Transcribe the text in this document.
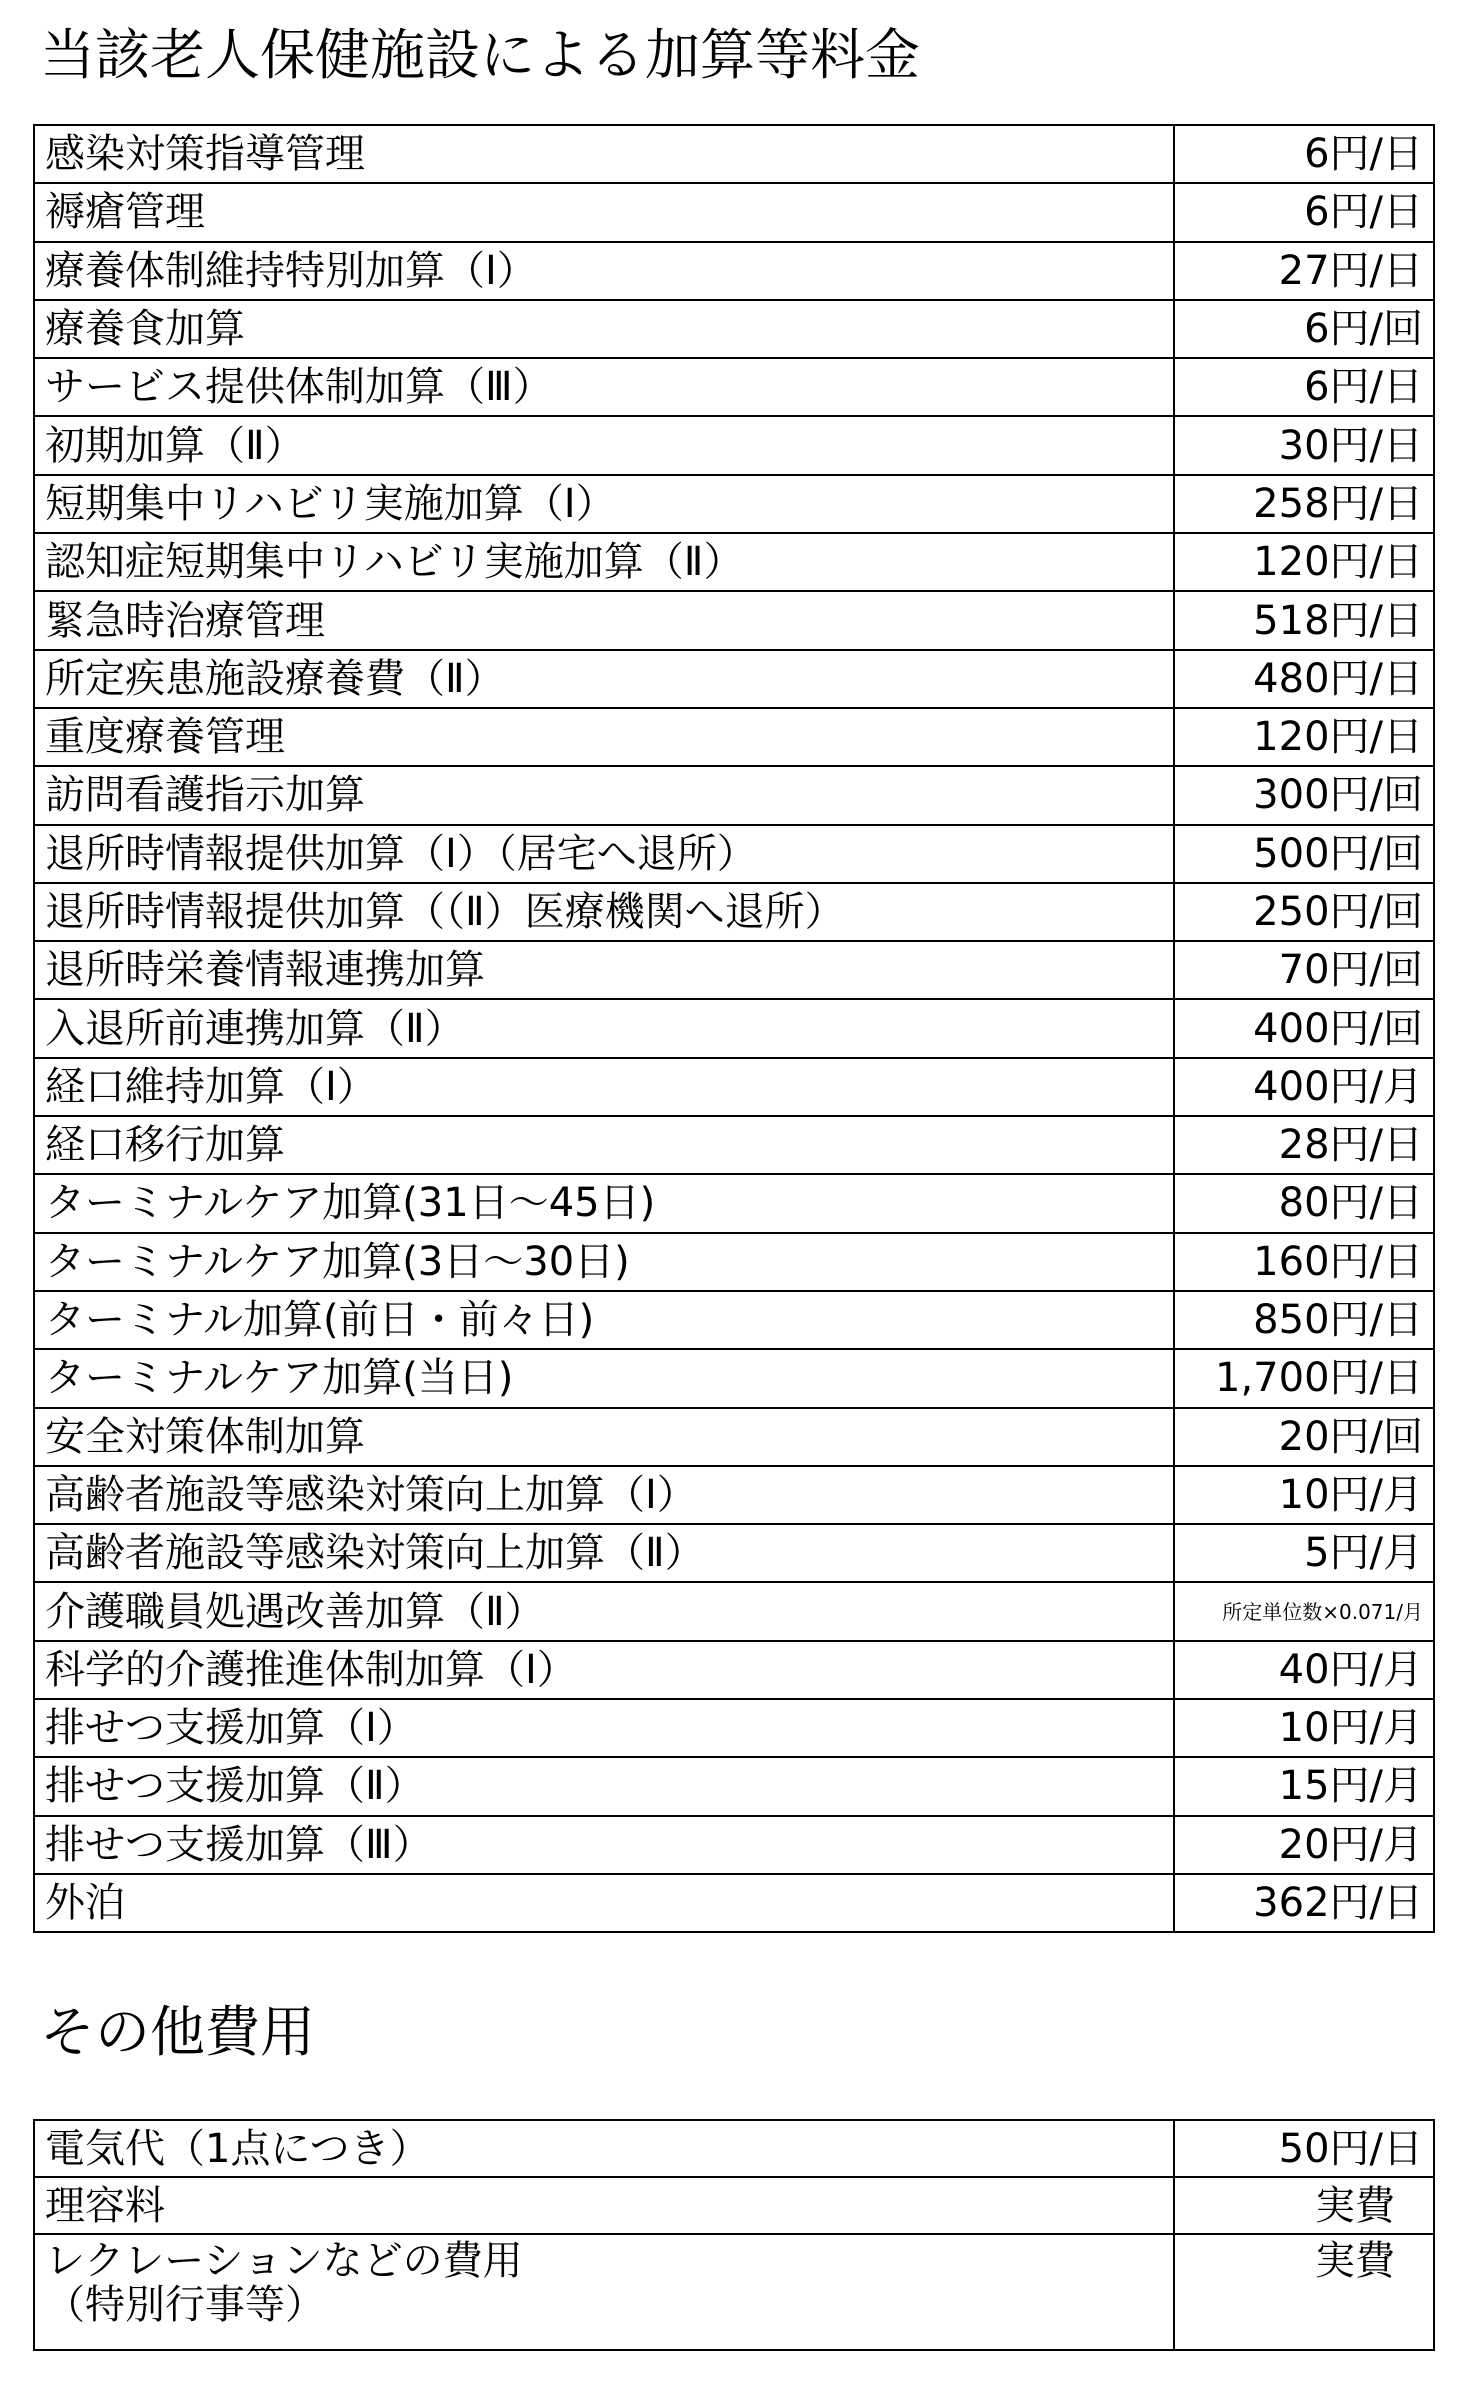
当該老人保健施設による加算等料金
感染対策指導管理	6円/日
褥瘡管理	6円/日
療養体制維持特別加算（Ⅰ）	27円/日
療養食加算	6円/回
サービス提供体制加算（Ⅲ）	6円/日
初期加算（Ⅱ）	30円/日
短期集中リハビリ実施加算（Ⅰ）	258円/日
認知症短期集中リハビリ実施加算（Ⅱ）	120円/日
緊急時治療管理	518円/日
所定疾患施設療養費（Ⅱ）	480円/日
重度療養管理	120円/日
訪問看護指示加算	300円/回
退所時情報提供加算（Ⅰ）（居宅へ退所）	500円/回
退所時情報提供加算（（Ⅱ）医療機関へ退所）	250円/回
退所時栄養情報連携加算	70円/回
入退所前連携加算（Ⅱ）	400円/回
経口維持加算（Ⅰ）	400円/月
経口移行加算	28円/日
ターミナルケア加算(31日～45日)	80円/日
ターミナルケア加算(3日～30日)	160円/日
ターミナル加算(前日・前々日)	850円/日
ターミナルケア加算(当日)	1,700円/日
安全対策体制加算	20円/回
高齢者施設等感染対策向上加算（Ⅰ）	10円/月
高齢者施設等感染対策向上加算（Ⅱ）	5円/月
介護職員処遇改善加算（Ⅱ）	所定単位数×0.071/月
科学的介護推進体制加算（Ⅰ）	40円/月
排せつ支援加算（Ⅰ）	10円/月
排せつ支援加算（Ⅱ）	15円/月
排せつ支援加算（Ⅲ）	20円/月
外泊	362円/日
その他費用
電気代（1点につき）	50円/日
理容料	実費

レクレーションなどの費用
（特別行事等）	実費
